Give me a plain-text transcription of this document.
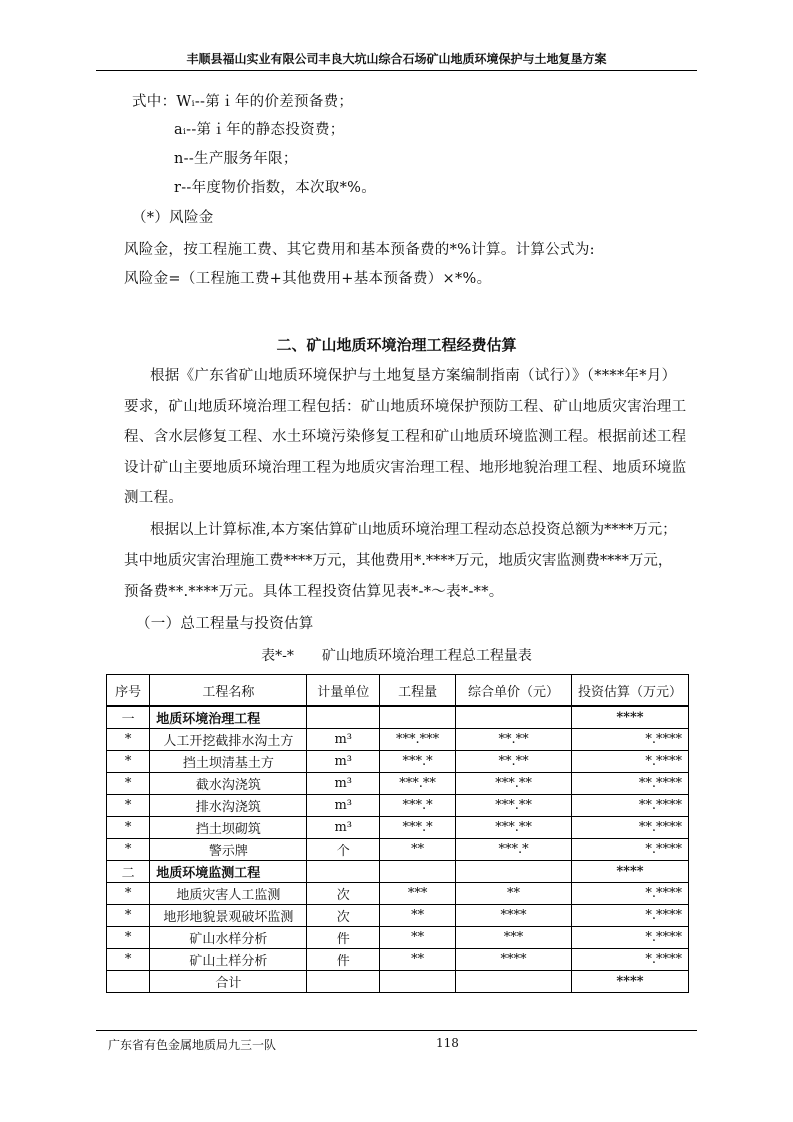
丰顺县福山实业有限公司丰良大坑山综合石场矿山地质环境保护与土地复垦方案
式中：Wᵢ--第ｉ年的价差预备费；
aᵢ--第ｉ年的静态投资费；
n--生产服务年限；
r--年度物价指数，本次取*%。
（*）风险金
风险金，按工程施工费、其它费用和基本预备费的*%计算。计算公式为:
风险金=（工程施工费+其他费用+基本预备费）×*%。
二、矿山地质环境治理工程经费估算
根据《广东省矿山地质环境保护与土地复垦方案编制指南（试行）》（****年*月）
要求，矿山地质环境治理工程包括：矿山地质环境保护预防工程、矿山地质灾害治理工
程、含水层修复工程、水土环境污染修复工程和矿山地质环境监测工程。根据前述工程
设计矿山主要地质环境治理工程为地质灾害治理工程、地形地貌治理工程、地质环境监
测工程。
根据以上计算标准,本方案估算矿山地质环境治理工程动态总投资总额为****万元；
其中地质灾害治理施工费****万元，其他费用*.****万元，地质灾害监测费****万元，
预备费**.****万元。具体工程投资估算见表*-*～表*-**。
（一）总工程量与投资估算
表*-*　　矿山地质环境治理工程总工程量表
序号	工程名称	计量单位	工程量	综合单价（元）	投资估算（万元）
一	地质环境治理工程				****
*	人工开挖截排水沟土方	m³	***.***	**.**	*.****
*	挡土坝清基土方	m³	***.*	**.**	*.****
*	截水沟浇筑	m³	***.**	***.**	**.****
*	排水沟浇筑	m³	***.*	***.**	**.****
*	挡土坝砌筑	m³	***.*	***.**	**.****
*	警示牌	个	**	***.*	*.****
二	地质环境监测工程				****
*	地质灾害人工监测	次	***	**	*.****
*	地形地貌景观破坏监测	次	**	****	*.****
*	矿山水样分析	件	**	***	*.****
*	矿山土样分析	件	**	****	*.****
	合计				****
广东省有色金属地质局九三一队	118
